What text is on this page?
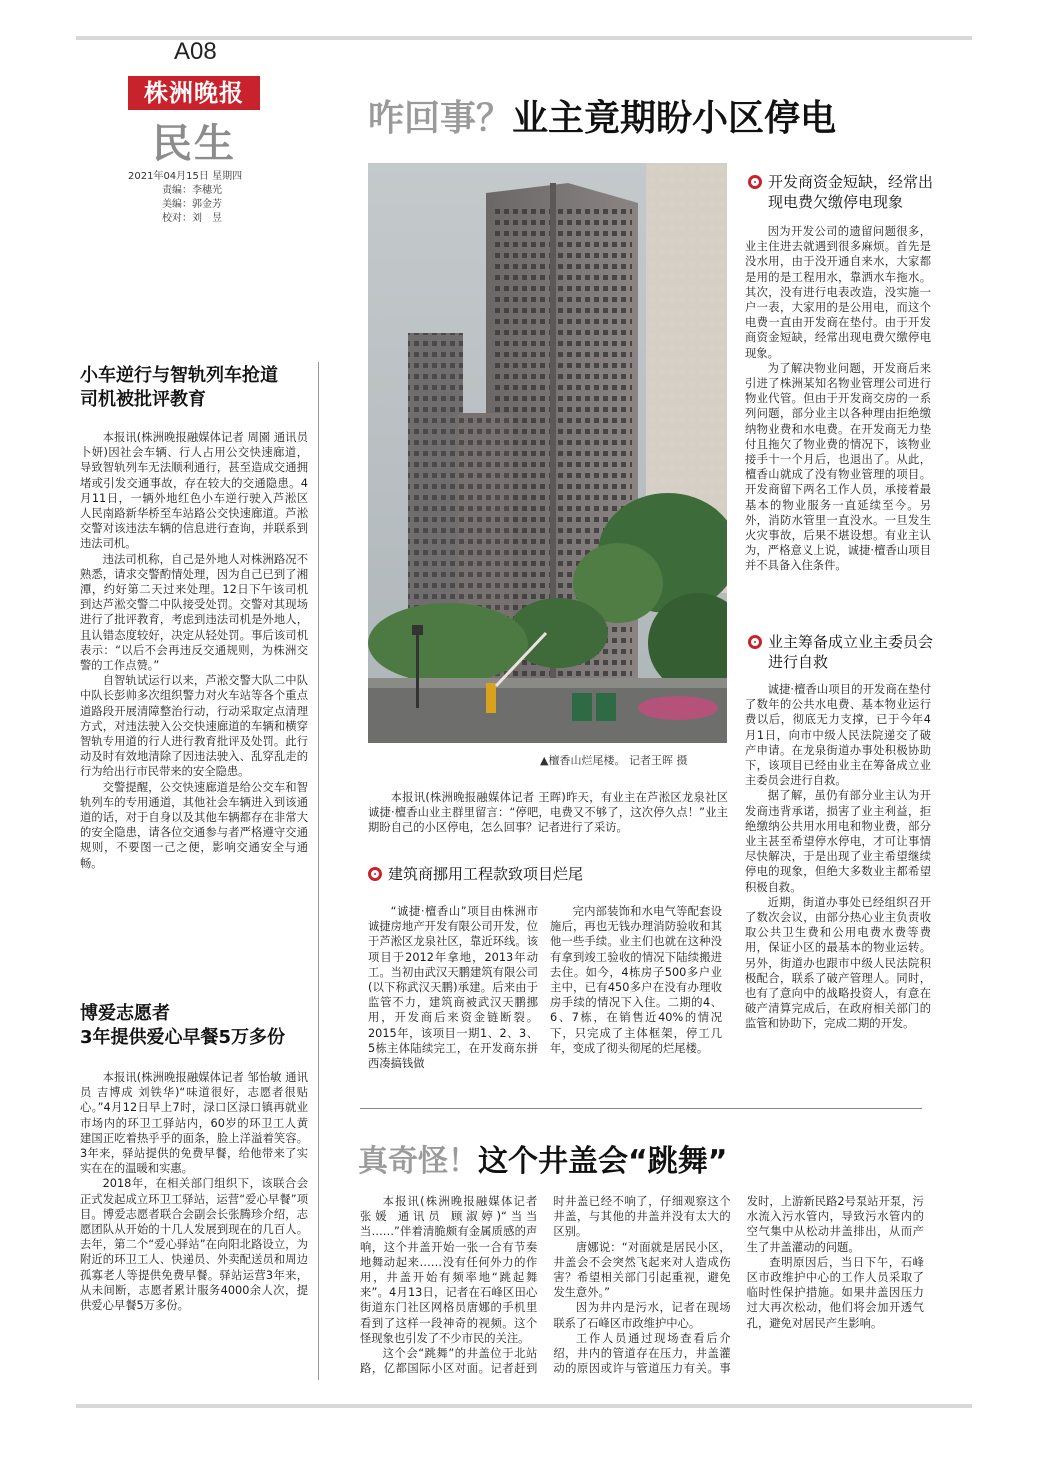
A08
株洲晚报
民生
2021年04月15日 星期四
责编：李穗光
美编：郭金芳
校对：刘　昱
咋回事？业主竟期盼小区停电
▲檀香山烂尾楼。 记者王晖 摄

本报讯(株洲晚报融媒体记者 王晖)昨天，有业主在芦淞区龙泉社区诚捷·檀香山业主群里留言：“停吧，电费又不够了，这次停久点！”业主期盼自己的小区停电，怎么回事？记者进行了采访。

建筑商挪用工程款致项目烂尾

“诚捷·檀香山”项目由株洲市诚捷房地产开发有限公司开发，位于芦淞区龙泉社区，靠近环线。该项目于2012年拿地，2013年动工。当初由武汉天鹏建筑有限公司(以下称武汉天鹏)承建。后来由于监管不力，建筑商被武汉天鹏挪用，开发商后来资金链断裂。2015年，该项目一期1、2、3、5栋主体陆续完工，在开发商东拼西凑搞钱做

完内部装饰和水电气等配套设施后，再也无钱办理消防验收和其他一些手续。业主们也就在这种没有拿到竣工验收的情况下陆续搬进去住。如今，4栋房子500多户业主中，已有450多户在没有办理收房手续的情况下入住。二期的4、6、7栋，在销售近40%的情况下，只完成了主体框架，停工几年，变成了彻头彻尾的烂尾楼。

开发商资金短缺，经常出现电费欠缴停电现象

因为开发公司的遗留问题很多，业主住进去就遇到很多麻烦。首先是没水用，由于没开通自来水，大家都是用的是工程用水，靠洒水车拖水。其次，没有进行电表改造，没实施一户一表，大家用的是公用电，而这个电费一直由开发商在垫付。由于开发商资金短缺，经常出现电费欠缴停电现象。

为了解决物业问题，开发商后来引进了株洲某知名物业管理公司进行物业代管。但由于开发商交房的一系列问题，部分业主以各种理由拒绝缴纳物业费和水电费。在开发商无力垫付且拖欠了物业费的情况下，该物业接手十一个月后，也退出了。从此，檀香山就成了没有物业管理的项目。开发商留下两名工作人员，承接着最基本的物业服务一直延续至今。另外，消防水管里一直没水。一旦发生火灾事故，后果不堪设想。有业主认为，严格意义上说，诚捷·檀香山项目并不具备入住条件。

业主筹备成立业主委员会进行自救

诚捷·檀香山项目的开发商在垫付了数年的公共水电费、基本物业运行费以后，彻底无力支撑，已于今年4月1日，向市中级人民法院递交了破产申请。在龙泉街道办事处积极协助下，该项目已经由业主在筹备成立业主委员会进行自救。

据了解，虽仍有部分业主认为开发商违背承诺，损害了业主利益，拒绝缴纳公共用水用电和物业费，部分业主甚至希望停水停电，才可让事情尽快解决，于是出现了业主希望继续停电的现象，但绝大多数业主都希望积极自救。

近期，街道办事处已经组织召开了数次会议，由部分热心业主负责收取公共卫生费和公用电费水费等费用，保证小区的最基本的物业运转。另外，街道办也跟市中级人民法院积极配合，联系了破产管理人。同时，也有了意向中的战略投资人，有意在破产清算完成后，在政府相关部门的监管和协助下，完成二期的开发。

小车逆行与智轨列车抢道
司机被批评教育

本报讯(株洲晚报融媒体记者 周園 通讯员 卜妍)因社会车辆、行人占用公交快速廊道，导致智轨列车无法顺利通行，甚至造成交通拥堵或引发交通事故，存在较大的交通隐患。4月11日，一辆外地红色小车逆行驶入芦淞区人民南路新华桥至车站路公交快速廊道。芦淞交警对该违法车辆的信息进行查询，并联系到违法司机。

违法司机称，自己是外地人对株洲路况不熟悉，请求交警酌情处理，因为自己已到了湘潭，约好第二天过来处理。12日下午该司机到达芦淞交警二中队接受处罚。交警对其现场进行了批评教育，考虑到违法司机是外地人，且认错态度较好，决定从轻处罚。事后该司机表示：“以后不会再违反交通规则，为株洲交警的工作点赞。”

自智轨试运行以来，芦淞交警大队二中队中队长彭帅多次组织警力对火车站等各个重点道路段开展清障整治行动，行动采取定点清理方式，对违法驶入公交快速廊道的车辆和横穿智轨专用道的行人进行教育批评及处罚。此行动及时有效地清除了因违法驶入、乱穿乱走的行为给出行市民带来的安全隐患。

交警提醒，公交快速廊道是给公交车和智轨列车的专用通道，其他社会车辆进入到该通道的话，对于自身以及其他车辆都存在非常大的安全隐患，请各位交通参与者严格遵守交通规则，不要图一己之便，影响交通安全与通畅。

博爱志愿者
3年提供爱心早餐5万多份

本报讯(株洲晚报融媒体记者 邹怡敏 通讯员 吉博成 刘铁华)“味道很好，志愿者很贴心。”4月12日早上7时，渌口区渌口镇再就业市场内的环卫工驿站内，60岁的环卫工人黄建国正吃着热乎乎的面条，脸上洋溢着笑容。3年来，驿站提供的免费早餐，给他带来了实实在在的温暖和实惠。

2018年，在相关部门组织下，该联合会正式发起成立环卫工驿站，运营“爱心早餐”项目。博爱志愿者联合会副会长张腾珍介绍，志愿团队从开始的十几人发展到现在的几百人。去年，第二个“爱心驿站”在向阳北路设立，为附近的环卫工人、快递员、外卖配送员和周边孤寡老人等提供免费早餐。驿站运营3年来，从未间断，志愿者累计服务4000余人次，提供爱心早餐5万多份。

真奇怪！这个井盖会“跳舞”

本报讯(株洲晚报融媒体记者 张媛 通讯员 顾淑婷)“当当当……”伴着清脆颇有金属质感的声响，这个井盖开始一张一合有节奏地舞动起来……没有任何外力的作用，井盖开始有频率地“跳起舞来”。4月13日，记者在石峰区田心街道东门社区网格员唐娜的手机里看到了这样一段神奇的视频。这个怪现象也引发了不少市民的关注。

这个会“跳舞”的井盖位于北站路，亿都国际小区对面。记者赶到时井盖已经不响了，仔细观察这个井盖，与其他的井盖并没有太大的区别。

唐娜说：“对面就是居民小区，井盖会不会突然飞起来对人造成伤害？希望相关部门引起重视，避免发生意外。”

因为井内是污水，记者在现场联系了石峰区市政维护中心。

工作人员通过现场查看后介绍，井内的管道存在压力，井盖灌动的原因或许与管道压力有关。事发时，上游新民路2号泵站开泵，污水流入污水管内，导致污水管内的空气集中从松动井盖排出，从而产生了井盖灌动的问题。

查明原因后，当日下午，石峰区市政维护中心的工作人员采取了临时性保护措施。如果井盖因压力过大再次松动，他们将会加开透气孔，避免对居民产生影响。
